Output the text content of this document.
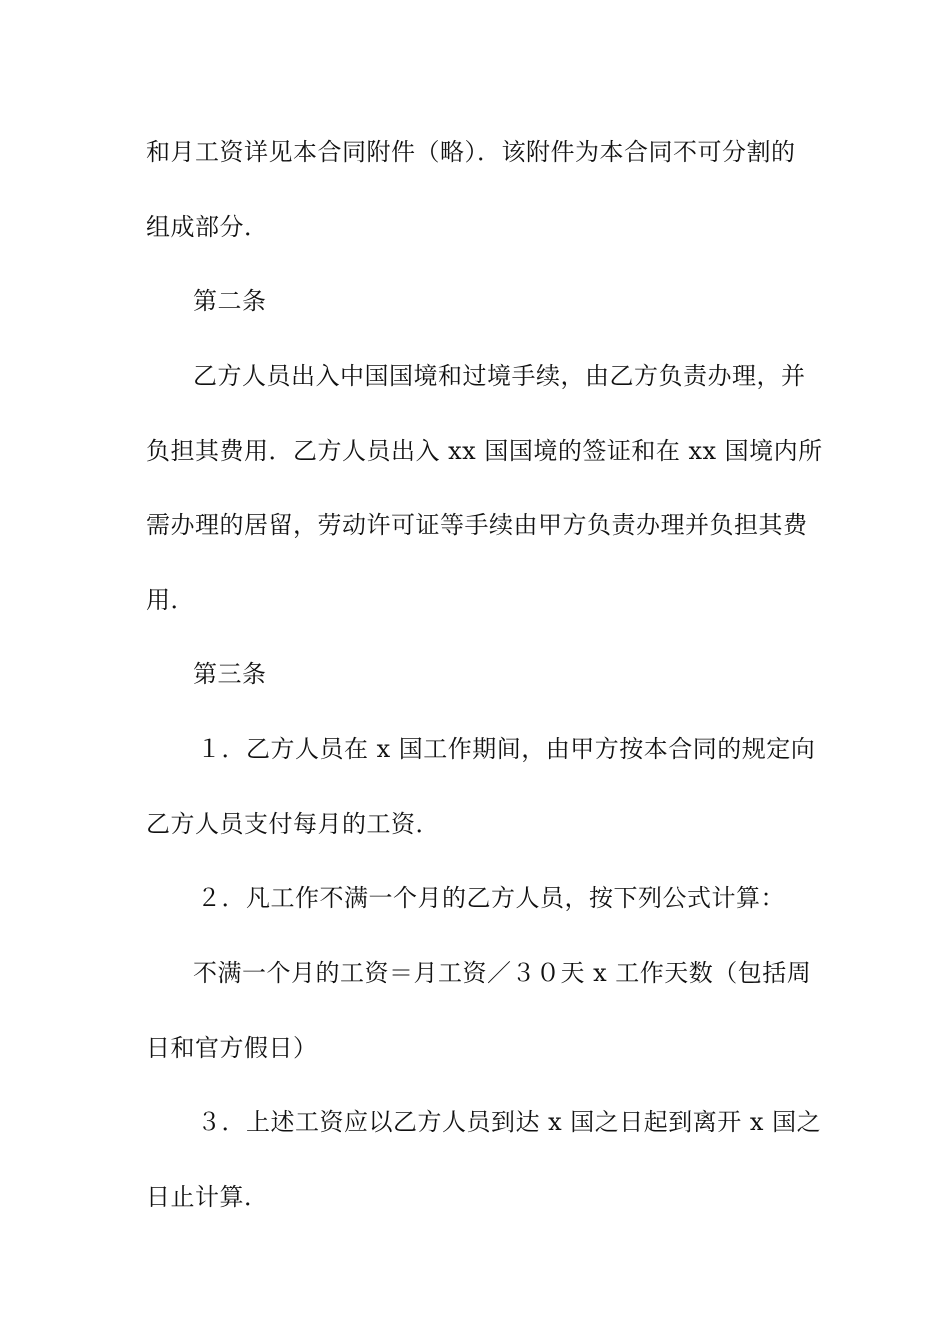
和月工资详见本合同附件（略）．该附件为本合同不可分割的
组成部分．
第二条
乙方人员出入中国国境和过境手续，由乙方负责办理，并
负担其费用．乙方人员出入 xx 国国境的签证和在 xx 国境内所
需办理的居留，劳动许可证等手续由甲方负责办理并负担其费
用．
第三条
１．乙方人员在 x 国工作期间，由甲方按本合同的规定向
乙方人员支付每月的工资．
２．凡工作不满一个月的乙方人员，按下列公式计算：
不满一个月的工资＝月工资／３０天 x 工作天数（包括周
日和官方假日）
３．上述工资应以乙方人员到达 x 国之日起到离开 x 国之
日止计算．
